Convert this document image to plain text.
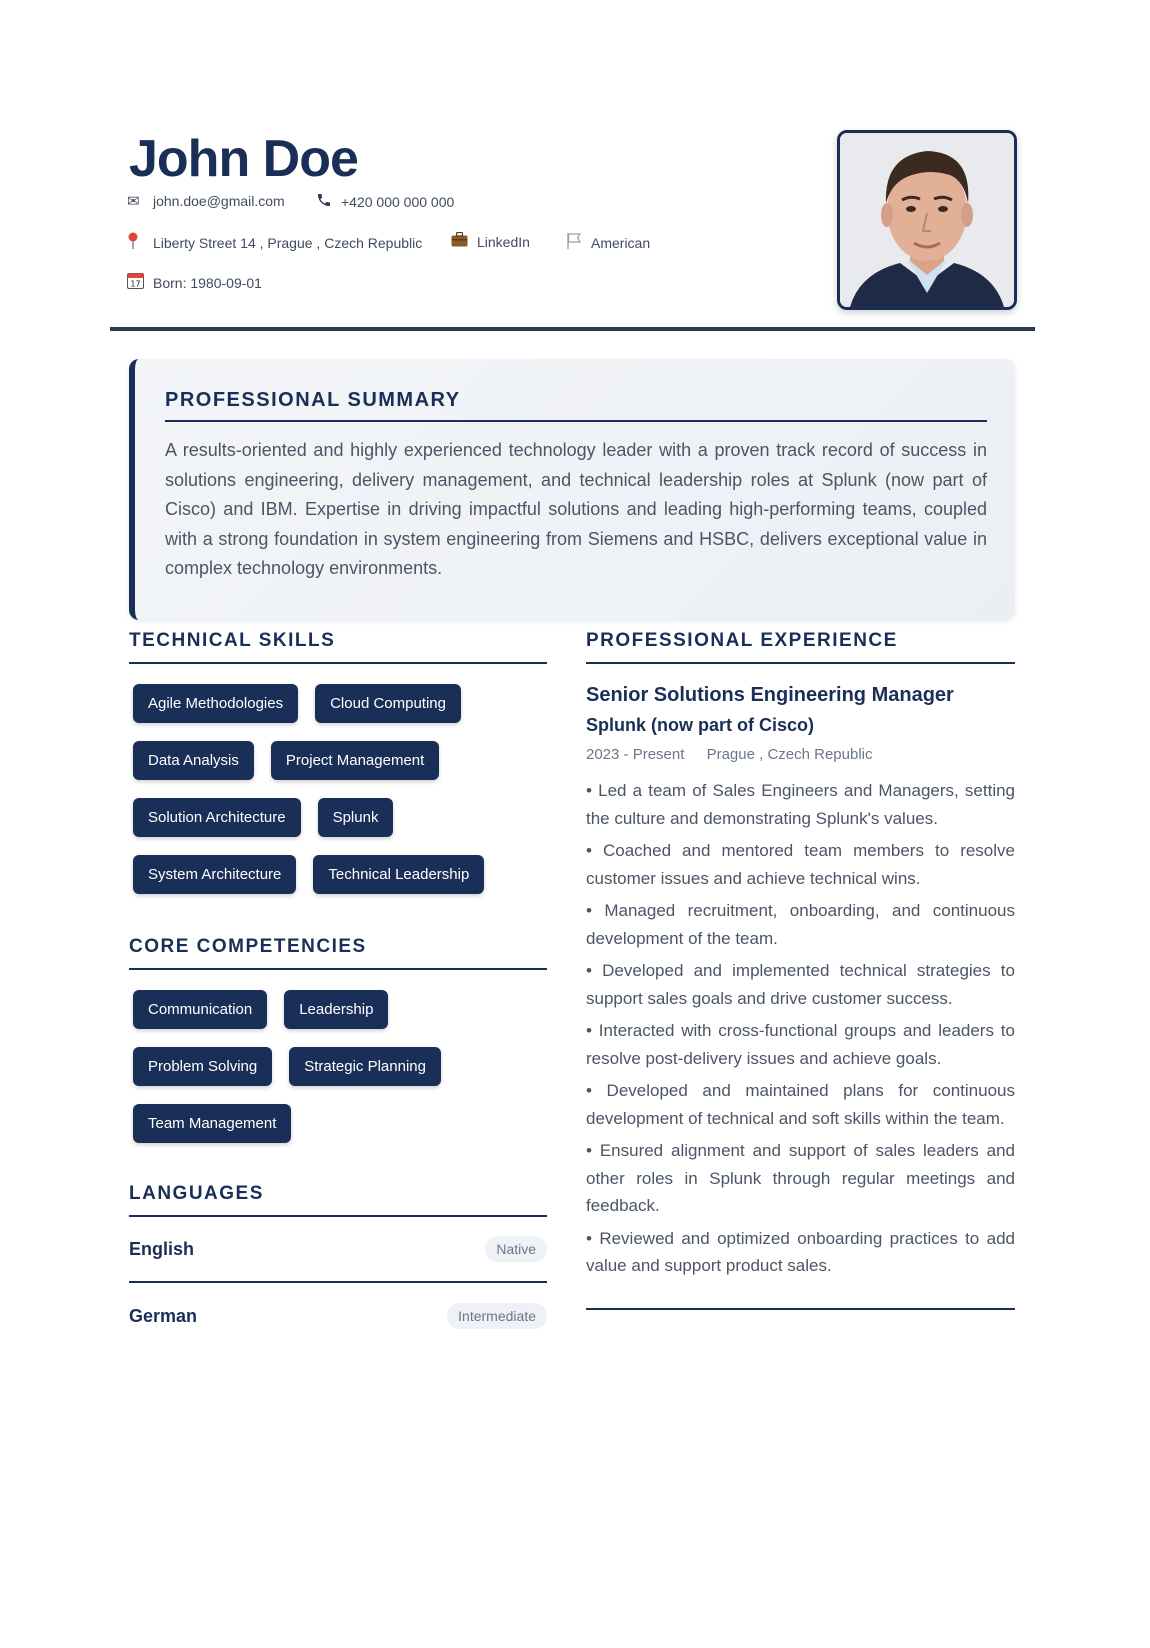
John Doe
✉ john.doe@gmail.com	+420 000 000 000
Liberty Street 14 , Prague , Czech Republic	LinkedIn	American
17 Born: 1980-09-01
PROFESSIONAL SUMMARY

A results-oriented and highly experienced technology leader with a proven track record of success in solutions engineering, delivery management, and technical leadership roles at Splunk (now part of Cisco) and IBM. Expertise in driving impactful solutions and leading high-performing teams, coupled with a strong foundation in system engineering from Siemens and HSBC, delivers exceptional value in complex technology environments.

TECHNICAL SKILLS
Agile Methodologies	Cloud Computing
Data Analysis	Project Management
Solution Architecture	Splunk
System Architecture	Technical Leadership
CORE COMPETENCIES
Communication	Leadership
Problem Solving	Strategic Planning
Team Management
LANGUAGES
English	Native
German	Intermediate
PROFESSIONAL EXPERIENCE
Senior Solutions Engineering Manager
Splunk (now part of Cisco)
2023 - Present Prague , Czech Republic
• Led a team of Sales Engineers and Managers, setting the culture and demonstrating Splunk's values.
• Coached and mentored team members to resolve customer issues and achieve technical wins.
• Managed recruitment, onboarding, and continuous development of the team.
• Developed and implemented technical strategies to support sales goals and drive customer success.
• Interacted with cross-functional groups and leaders to resolve post-delivery issues and achieve goals.
• Developed and maintained plans for continuous development of technical and soft skills within the team.
• Ensured alignment and support of sales leaders and other roles in Splunk through regular meetings and feedback.
• Reviewed and optimized onboarding practices to add value and support product sales.
